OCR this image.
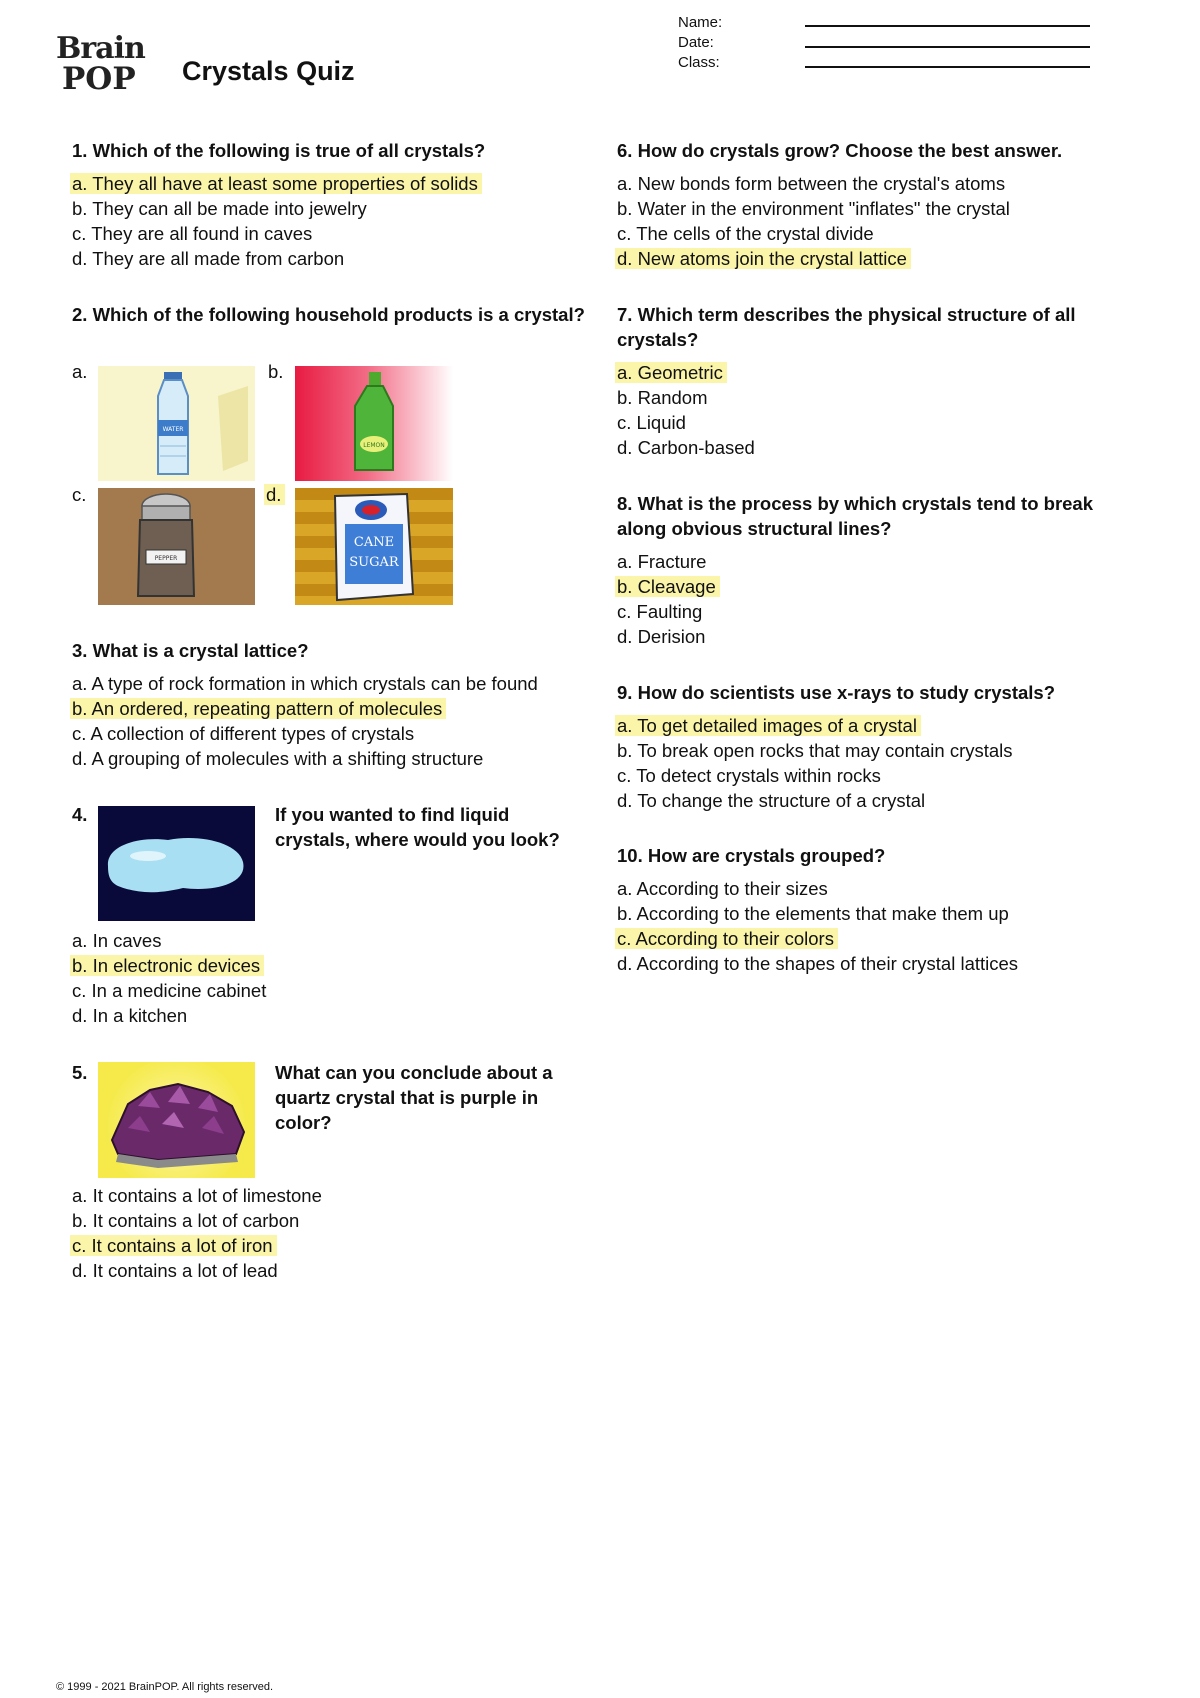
Brain
POP	Crystals Quiz
Name:
Date:
Class:
1. Which of the following is true of all crystals?
a. They all have at least some properties of solids
b. They can all be made into jewelry
c. They are all found in caves
d. They are all made from carbon
2. Which of the following household products is a crystal?
a.	b.
c.	d.
WATER
LEMON
PEPPER
CANE
SUGAR
3. What is a crystal lattice?
a. A type of rock formation in which crystals can be found
b. An ordered, repeating pattern of molecules
c. A collection of different types of crystals
d. A grouping of molecules with a shifting structure
4.	If you wanted to find liquid
crystals, where would you look?
a. In caves
b. In electronic devices
c. In a medicine cabinet
d. In a kitchen
5.	What can you conclude about a
quartz crystal that is purple in
color?
a. It contains a lot of limestone
b. It contains a lot of carbon
c. It contains a lot of iron
d. It contains a lot of lead
6. How do crystals grow? Choose the best answer.
a. New bonds form between the crystal's atoms
b. Water in the environment "inflates" the crystal
c. The cells of the crystal divide
d. New atoms join the crystal lattice
7. Which term describes the physical structure of all
crystals?
a. Geometric
b. Random
c. Liquid
d. Carbon-based
8. What is the process by which crystals tend to break
along obvious structural lines?
a. Fracture
b. Cleavage
c. Faulting
d. Derision
9. How do scientists use x-rays to study crystals?
a. To get detailed images of a crystal
b. To break open rocks that may contain crystals
c. To detect crystals within rocks
d. To change the structure of a crystal
10. How are crystals grouped?
a. According to their sizes
b. According to the elements that make them up
c. According to their colors
d. According to the shapes of their crystal lattices
© 1999 - 2021 BrainPOP. All rights reserved.
